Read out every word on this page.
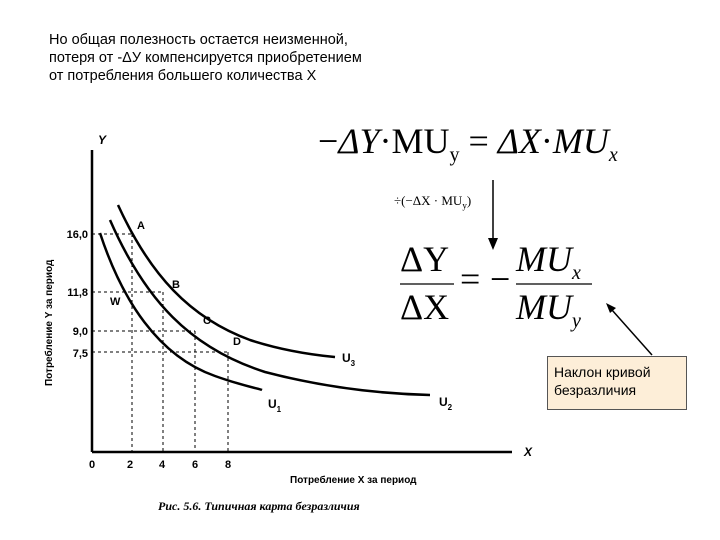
Но общая полезность остается неизменной,
потеря от -ΔУ компенсируется приобретением
от потребления большего количества Х
Y
X
$U_1$
$U_2$
$U_3$
A
B
C
D
W
16,0
11,8
9,0
7,5
0	2 4 6 8
Потребление Y за период
Потребление X за период
Рис. 5.6. Типичная карта безразличия
$-\Delta Y\cdot MU_y = \Delta X\cdot MU_x$
$\div(-\Delta X \cdot MU_y)$
ΔY
ΔX
= − $MU_x$
$MU_y$
Наклон кривой
безразличия
